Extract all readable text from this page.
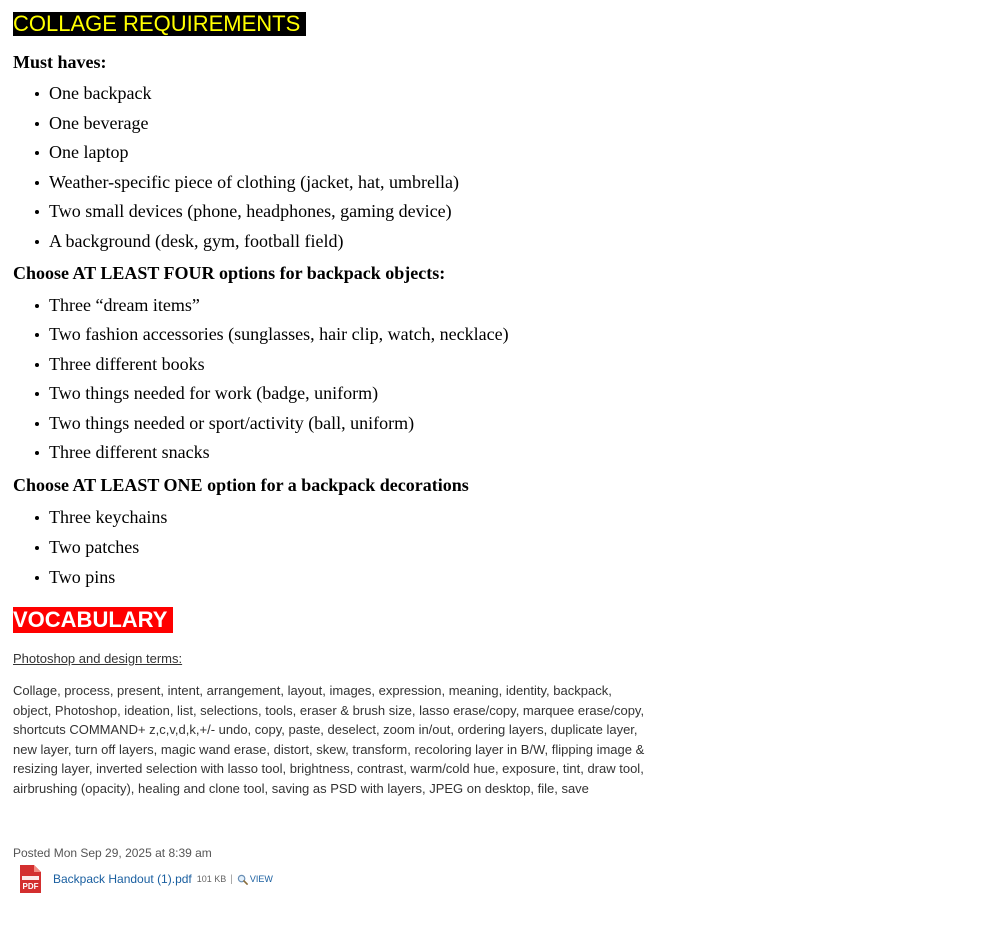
COLLAGE REQUIREMENTS
Must haves:
One backpack
One beverage
One laptop
Weather-specific piece of clothing (jacket, hat, umbrella)
Two small devices (phone, headphones, gaming device)
A background (desk, gym, football field)
Choose AT LEAST FOUR options for backpack objects:
Three “dream items”
Two fashion accessories (sunglasses, hair clip, watch, necklace)
Three different books
Two things needed for work (badge, uniform)
Two things needed or sport/activity (ball, uniform)
Three different snacks
Choose AT LEAST ONE option for a backpack decorations
Three keychains
Two patches
Two pins
VOCABULARY
Photoshop and design terms:
Collage, process, present, intent, arrangement, layout, images, expression, meaning, identity, backpack, object, Photoshop, ideation, list, selections, tools, eraser & brush size, lasso erase/copy, marquee erase/copy, shortcuts COMMAND+ z,c,v,d,k,+/- undo, copy, paste, deselect, zoom in/out, ordering layers, duplicate layer, new layer, turn off layers, magic wand erase, distort, skew, transform, recoloring layer in B/W, flipping image & resizing layer, inverted selection with lasso tool, brightness, contrast, warm/cold hue, exposure, tint, draw tool, airbrushing (opacity), healing and clone tool, saving as PSD with layers, JPEG on desktop, file, save
Posted Mon Sep 29, 2025 at 8:39 am
PDF
Backpack Handout (1).pdf 101 KB | VIEW
